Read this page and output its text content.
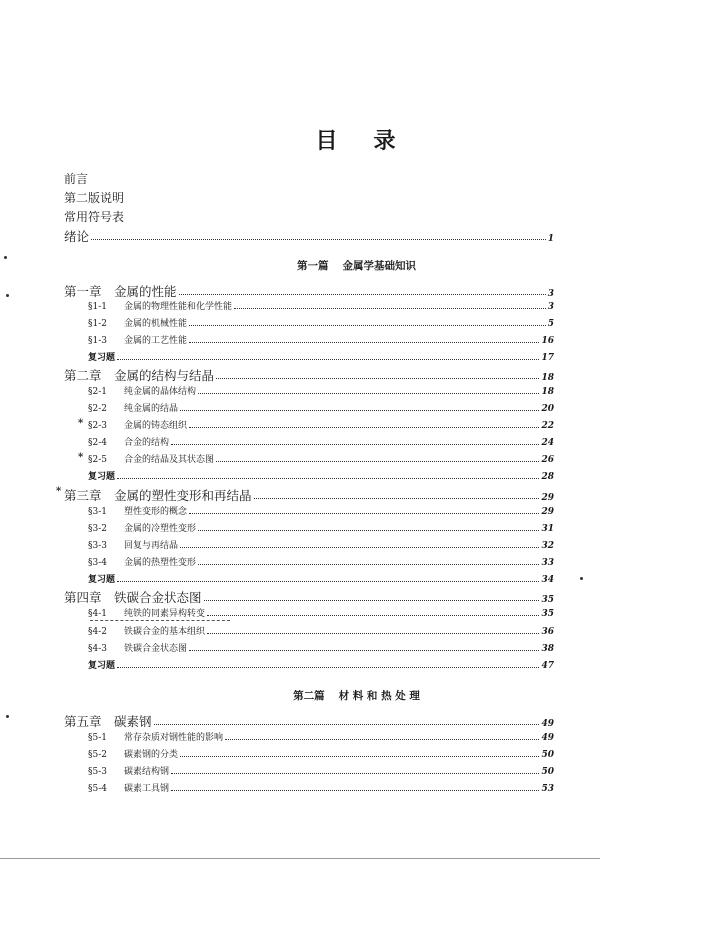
目 录
前言
第二版说明
常用符号表
绪论	1
第一篇 金属学基础知识
第一章　金属的性能	3
§1-1 金属的物理性能和化学性能	3
§1-2 金属的机械性能	5
§1-3 金属的工艺性能	16
复习题	17
第二章　金属的结构与结晶	18
§2-1 纯金属的晶体结构	18
§2-2 纯金属的结晶	20
* §2-3 金属的铸态组织	22
§2-4 合金的结构	24
* §2-5 合金的结晶及其状态图	26
复习题	28
* 第三章　金属的塑性变形和再结晶	29
§3-1 塑性变形的概念	29
§3-2 金属的冷塑性变形	31
§3-3 回复与再结晶	32
§3-4 金属的热塑性变形	33
复习题	34
第四章　铁碳合金状态图	35
§4-1 纯铁的同素异构转变	35
§4-2 铁碳合金的基本组织	36
§4-3 铁碳合金状态图	38
复习题	47
第二篇 材 料 和 热 处 理
第五章　碳素钢	49
§5-1 常存杂质对钢性能的影响	49
§5-2 碳素钢的分类	50
§5-3 碳素结构钢	50
§5-4 碳素工具钢	53
